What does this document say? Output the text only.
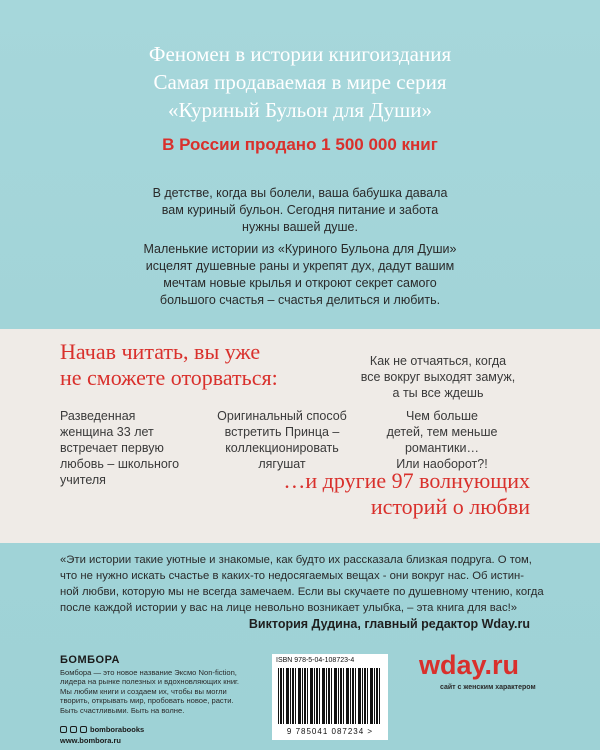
Феномен в истории книгоиздания
Самая продаваемая в мире серия
«Куриный Бульон для Души»
В России продано 1 500 000 книг
В детстве, когда вы болели, ваша бабушка давала
вам куриный бульон. Сегодня питание и забота
нужны вашей душе.
Маленькие истории из «Куриного Бульона для Души»
исцелят душевные раны и укрепят дух, дадут вашим
мечтам новые крылья и откроют секрет самого
большого счастья – счастья делиться и любить.
Начав читать, вы уже
не сможете оторваться:
Как не отчаяться, когда
все вокруг выходят замуж,
а ты все ждешь
Разведенная
женщина 33 лет
встречает первую
любовь – школьного
учителя
Оригинальный способ
встретить Принца –
коллекционировать
лягушат
Чем больше
детей, тем меньше
романтики…
Или наоборот?!
…и другие 97 волнующих
историй о любви
«Эти истории такие уютные и знакомые, как будто их рассказала близкая подруга. О том,
что не нужно искать счастье в каких-то недосягаемых вещах - они вокруг нас. Об истин-
ной любви, которую мы не всегда замечаем. Если вы скучаете по душевному чтению, когда
после каждой истории у вас на лице невольно возникает улыбка, – эта книга для вас!»
Виктория Дудина, главный редактор Wday.ru
БОМБОРА
Бомбора — это новое название Эксмо Non-fiction,
лидера на рынке полезных и вдохновляющих книг.
Мы любим книги и создаем их, чтобы вы могли
творить, открывать мир, пробовать новое, расти.
Быть счастливыми. Быть на волне.
bomborabooks
www.bombora.ru
ISBN 978-5-04-108723-4
9 785041 087234 >
wday.ru
сайт с женским характером
